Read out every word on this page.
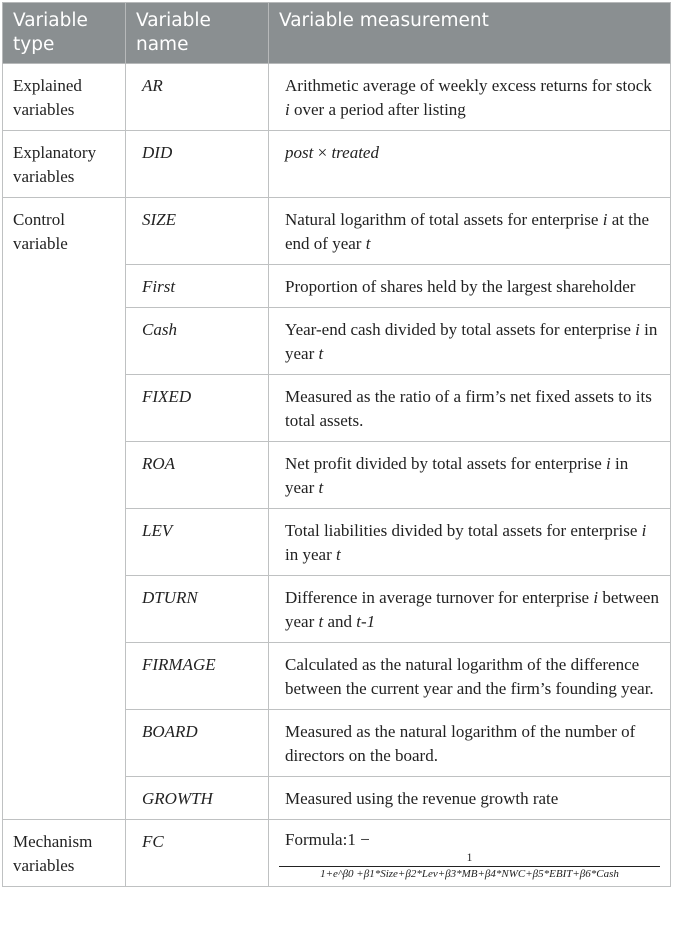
Variable type	Variable name	Variable measurement
Explained variables	AR	Arithmetic average of weekly excess returns for stock i over a period after listing
Explanatory variables	DID	post × treated
Control variable	SIZE	Natural logarithm of total assets for enterprise i at the end of year t
	First	Proportion of shares held by the largest shareholder
	Cash	Year-end cash divided by total assets for enterprise i in year t
	FIXED	Measured as the ratio of a firm’s net fixed assets to its total assets.
	ROA	Net profit divided by total assets for enterprise i in year t
	LEV	Total liabilities divided by total assets for enterprise i in year t
	DTURN	Difference in average turnover for enterprise i between year t and t-1
	FIRMAGE	Calculated as the natural logarithm of the difference between the current year and the firm’s founding year.
	BOARD	Measured as the natural logarithm of the number of directors on the board.
	GROWTH	Measured using the revenue growth rate
Mechanism variables	FC	Formula:1 −
1
1+e^β0 +β1*Size+β2*Lev+β3*MB+β4*NWC+β5*EBIT+β6*Cash
